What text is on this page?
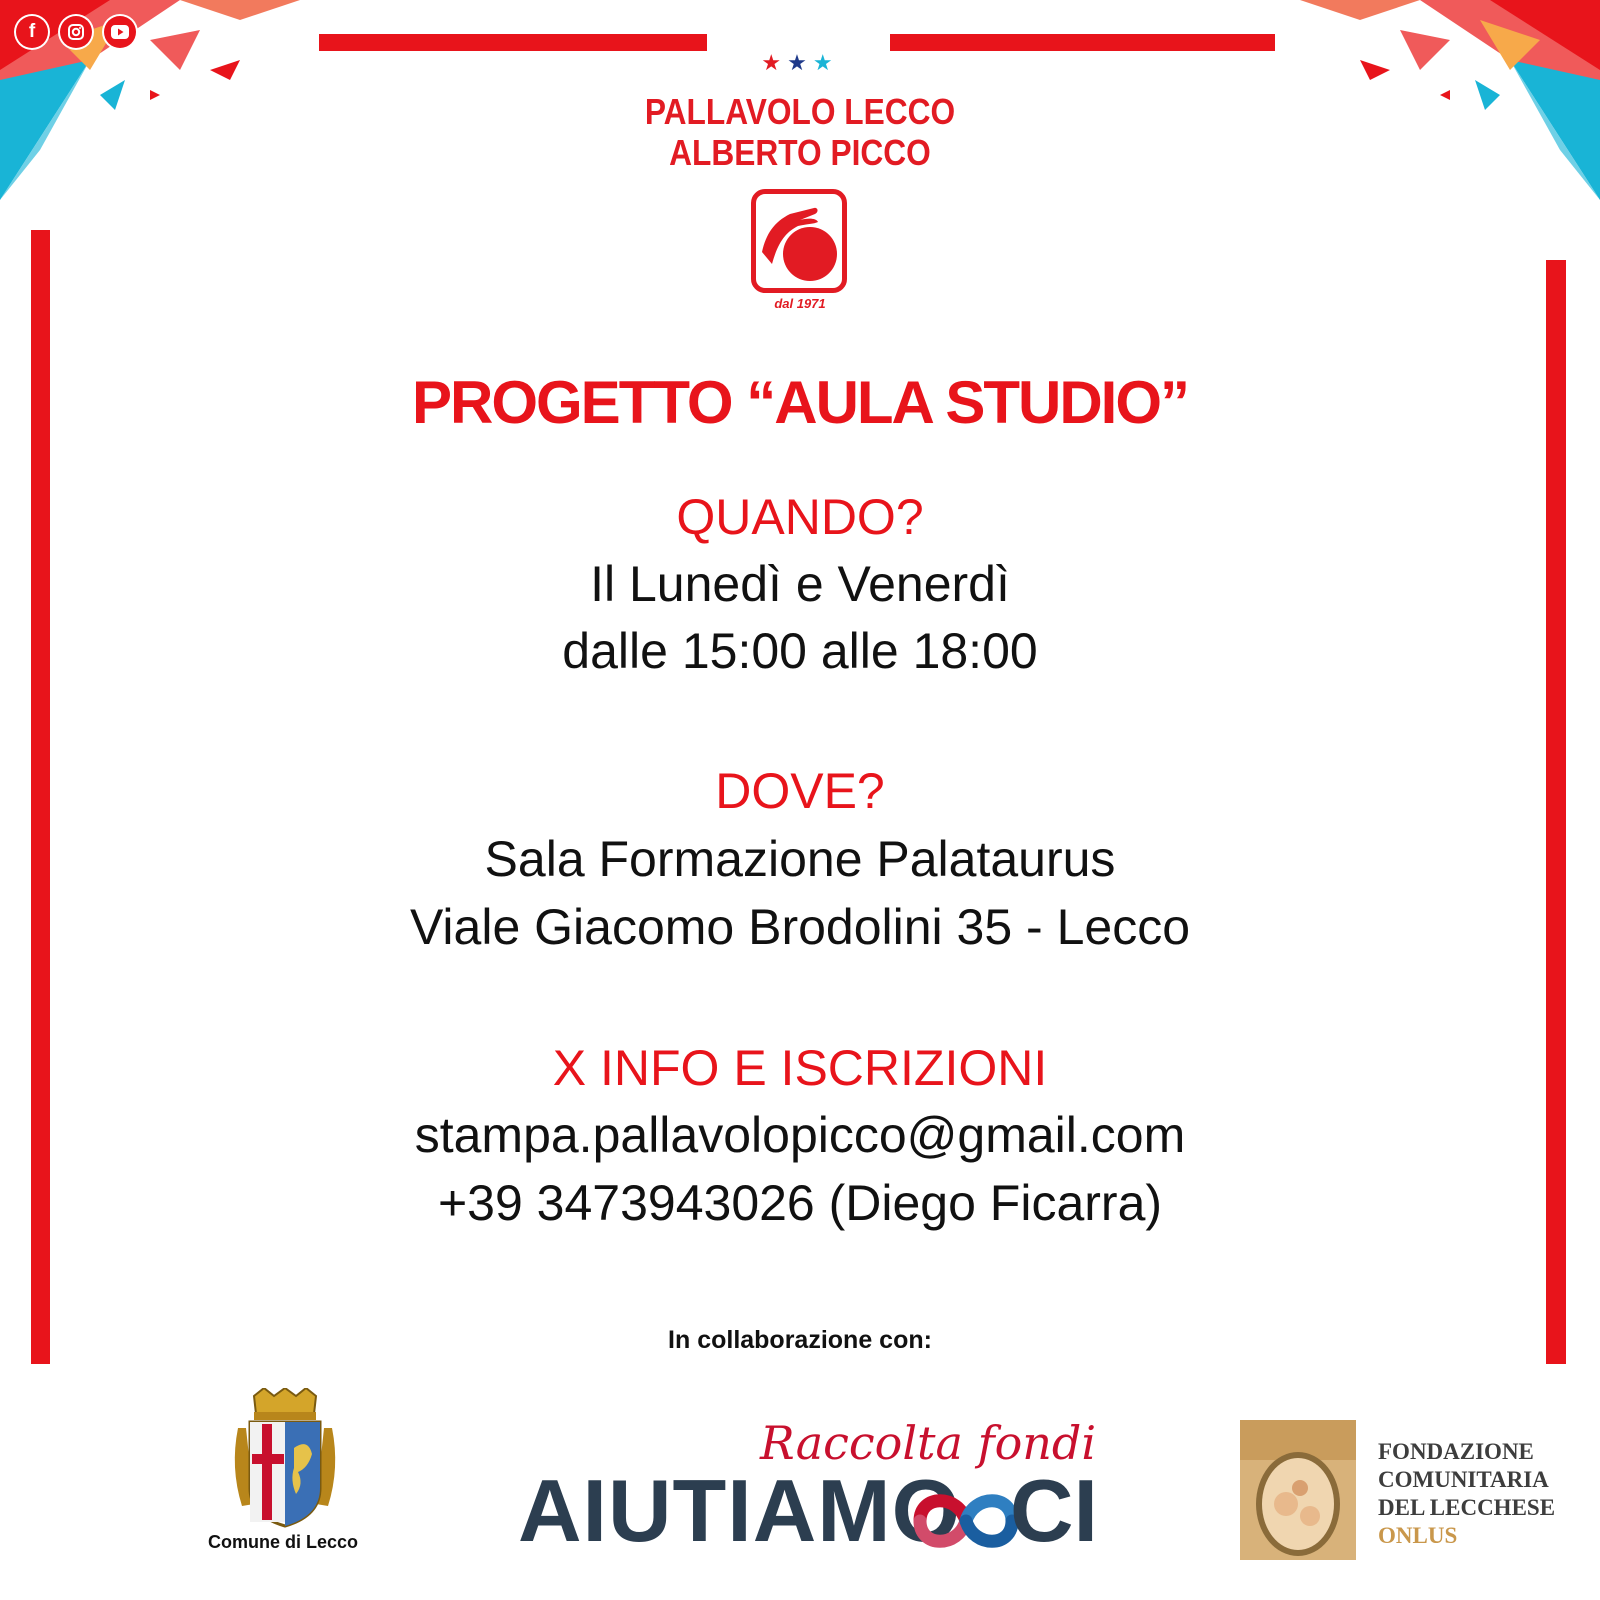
f
★★★
PALLAVOLO LECCO
ALBERTO PICCO
dal 1971
PROGETTO “AULA STUDIO”
QUANDO?
Il Lunedì e Venerdì
dalle 15:00 alle 18:00
DOVE?
Sala Formazione Palataurus
Viale Giacomo Brodolini 35 - Lecco
X INFO E ISCRIZIONI
stampa.pallavolopicco@gmail.com
+39 3473943026 (Diego Ficarra)
In collaborazione con:
Comune di Lecco
Raccolta fondi
AIUTIAMO CI
FONDAZIONE
COMUNITARIA
DEL LECCHESE
ONLUS
